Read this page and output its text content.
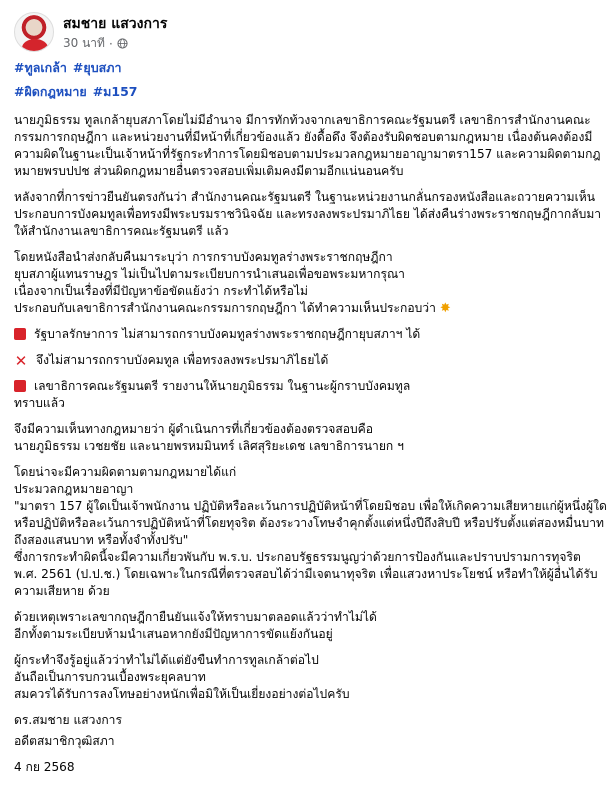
สมชาย แสวงการ
30 นาที ·

#ทูลเกล้า #ยุบสภา

#ผิดกฎหมาย #ม157

นายภูมิธรรม ทูลเกล้ายุบสภาโดยไม่มีอำนาจ มีการทักท้วงจากเลขาธิการคณะรัฐมนตรี เลขาธิการสำนักงานคณะกรรมการกฤษฎีกา และหน่วยงานที่มีหน้าที่เกี่ยวข้องแล้ว ยังดื้อดึง จึงต้องรับผิดชอบตามกฎหมาย เนื่องต้นคงต้องมีความผิดในฐานะเป็นเจ้าหน้าที่รัฐกระทำการโดยมิชอบตามประมวลกฎหมายอาญามาตรา157 และความผิดตามกฎหมายพรบปปช ส่วนผิดกฎหมายอื่นตรวจสอบเพิ่มเติมคงมีตามอีกแน่นอนครับ

หลังจากที่การข่าวยืนยันตรงกันว่า สำนักงานคณะรัฐมนตรี ในฐานะหน่วยงานกลั่นกรองหนังสือและถวายความเห็นประกอบการบังคมทูลเพื่อทรงมีพระบรมราชวินิจฉัย และทรงลงพระปรมาภิไธย ได้ส่งคืนร่างพระราชกฤษฎีกากลับมาให้สำนักงานเลขาธิการคณะรัฐมนตรี แล้ว

โดยหนังสือนำส่งกลับคืนมาระบุว่า การกราบบังคมทูลร่างพระราชกฤษฎีกา

ยุบสภาผู้แทนราษฎร ไม่เป็นไปตามระเบียบการนำเสนอเพื่อขอพระมหากรุณา

เนื่องจากเป็นเรื่องที่มีปัญหาข้อขัดแย้งว่า กระทำได้หรือไม่

ประกอบกับเลขาธิการสำนักงานคณะกรรมการกฤษฎีกา ได้ทำความเห็นประกอบว่า ✸

รัฐบาลรักษาการ ไม่สามารถกราบบังคมทูลร่างพระราชกฤษฎีกายุบสภาฯ ได้

✕ จึงไม่สามารถกราบบังคมทูล เพื่อทรงลงพระปรมาภิไธยได้

เลขาธิการคณะรัฐมนตรี รายงานให้นายภูมิธรรม ในฐานะผู้กราบบังคมทูล

ทราบแล้ว

จึงมีความเห็นทางกฎหมายว่า ผู้ดำเนินการที่เกี่ยวข้องต้องตรวจสอบคือ

นายภูมิธรรม เวชยชัย และนายพรหมมินทร์ เลิศสุริยะเดช เลขาธิการนายก ฯ

โดยน่าจะมีความผิดตามตามกฎหมายได้แก่

ประมวลกฎหมายอาญา

"มาตรา 157 ผู้ใดเป็นเจ้าพนักงาน ปฏิบัติหรือละเว้นการปฏิบัติหน้าที่โดยมิชอบ เพื่อให้เกิดความเสียหายแก่ผู้หนึ่งผู้ใด หรือปฏิบัติหรือละเว้นการปฏิบัติหน้าที่โดยทุจริต ต้องระวางโทษจำคุกตั้งแต่หนึ่งปีถึงสิบปี หรือปรับตั้งแต่สองหมื่นบาทถึงสองแสนบาท หรือทั้งจำทั้งปรับ"

ซึ่งการกระทำผิดนี้จะมีความเกี่ยวพันกับ พ.ร.บ. ประกอบรัฐธรรมนูญว่าด้วยการป้องกันและปราบปรามการทุจริต พ.ศ. 2561 (ป.ป.ช.) โดยเฉพาะในกรณีที่ตรวจสอบได้ว่ามีเจตนาทุจริต เพื่อแสวงหาประโยชน์ หรือทำให้ผู้อื่นได้รับความเสียหาย ด้วย

ด้วยเหตุเพราะเลขากฤษฎีกายืนยันแจ้งให้ทราบมาตลอดแล้วว่าทำไม่ได้

อีกทั้งตามระเบียบห้ามนำเสนอหากยังมีปัญหาการขัดแย้งกันอยู่

ผู้กระทำจึงรู้อยู่แล้วว่าทำไม่ได้แต่ยังขืนทำการทูลเกล้าต่อไป

อันถือเป็นการบกวนเบื้องพระยุคลบาท

สมควรได้รับการลงโทษอย่างหนักเพื่อมิให้เป็นเยี่ยงอย่างต่อไปครับ

ดร.สมชาย แสวงการ

อดีตสมาชิกวุฒิสภา

4 กย 2568
